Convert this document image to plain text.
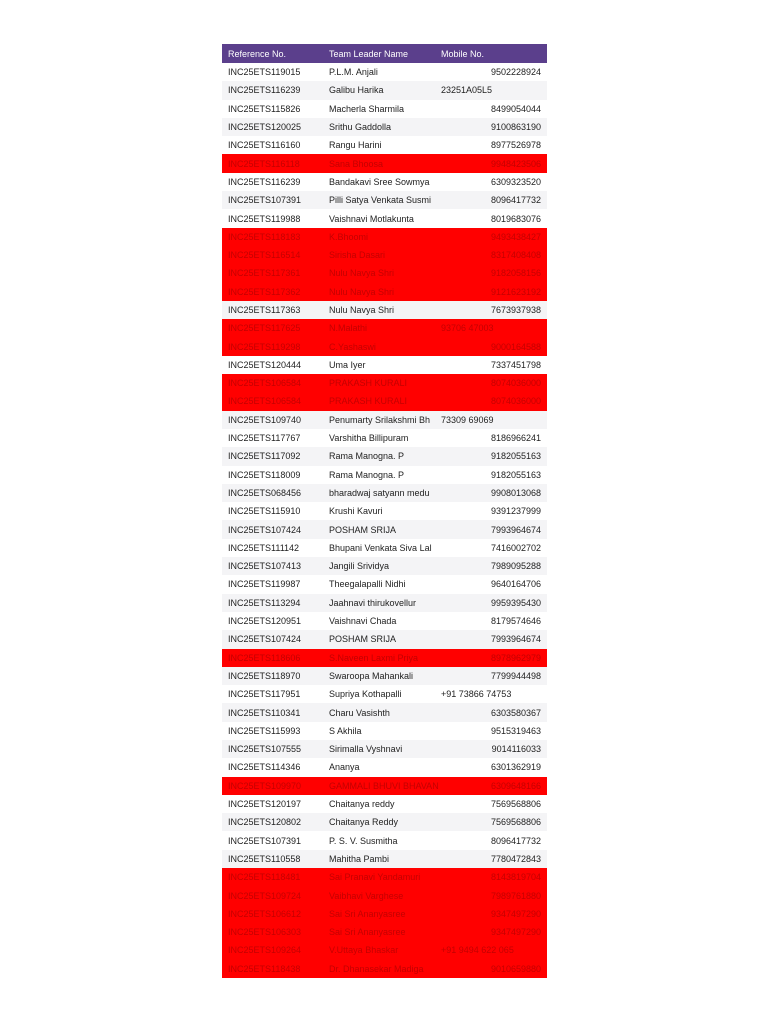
Reference No.	Team Leader Name	Mobile No.
INC25ETS119015	P.L.M. Anjali	9502228924
INC25ETS116239	Galibu Harika	23251A05L5
INC25ETS115826	Macherla Sharmila	8499054044
INC25ETS120025	Srithu Gaddolla	9100863190
INC25ETS116160	Rangu Harini	8977526978
INC25ETS116118	Sana Bhoosa	9948423506
INC25ETS116239	Bandakavi Sree Sowmya	6309323520
INC25ETS107391	Pilli Satya Venkata Susmi	8096417732
INC25ETS119988	Vaishnavi Motlakunta	8019683076
INC25ETS118183	K.Bhoomi	9493438427
INC25ETS116514	Sirisha Dasari	8317408408
INC25ETS117361	Nulu Navya Shri	9182058156
INC25ETS117362	Nulu Navya Shri	9121623192
INC25ETS117363	Nulu Navya Shri	7673937938
INC25ETS117625	N.Malathi	93706 47003
INC25ETS119298	C.Yashaswi	9000164588
INC25ETS120444	Uma Iyer	7337451798
INC25ETS106584	PRAKASH KURALI	8074036000
INC25ETS106584	PRAKASH KURALI	8074036000
INC25ETS109740	Penumarty Srilakshmi Bh	73309 69069
INC25ETS117767	Varshitha Billipuram	8186966241
INC25ETS117092	Rama Manogna. P	9182055163
INC25ETS118009	Rama Manogna. P	9182055163
INC25ETS068456	bharadwaj satyann medu	9908013068
INC25ETS115910	Krushi Kavuri	9391237999
INC25ETS107424	POSHAM SRIJA	7993964674
INC25ETS111142	Bhupani Venkata Siva Lal	7416002702
INC25ETS107413	Jangili Srividya	7989095288
INC25ETS119987	Theegalapalli Nidhi	9640164706
INC25ETS113294	Jaahnavi thirukovellur	9959395430
INC25ETS120951	Vaishnavi Chada	8179574646
INC25ETS107424	POSHAM SRIJA	7993964674
INC25ETS118606	S.Naveen Laxmi Priya	8978962979
INC25ETS118970	Swaroopa Mahankali	7799944498
INC25ETS117951	Supriya Kothapalli	+91 73866 74753
INC25ETS110341	Charu Vasishth	6303580367
INC25ETS115993	S Akhila	9515319463
INC25ETS107555	Sirimalla Vyshnavi	9014116033
INC25ETS114346	Ananya	6301362919
INC25ETS109970	GAMMALI BHUVI BHAVAN	6309648166
INC25ETS120197	Chaitanya reddy	7569568806
INC25ETS120802	Chaitanya Reddy	7569568806
INC25ETS107391	P. S. V. Susmitha	8096417732
INC25ETS110558	Mahitha Pambi	7780472843
INC25ETS118481	Sai Pranavi Yandamuri	8143819704
INC25ETS109724	Vaibhavi Varghese	7989761880
INC25ETS106612	Sai Sri Ananyasree	9347497290
INC25ETS106303	Sai Sri Ananyasree	9347497290
INC25ETS109264	V.Uttaya Bhaskar	+91 9494 622 065
INC25ETS118438	Dr. Dhanasekar Madiga	9010659880
